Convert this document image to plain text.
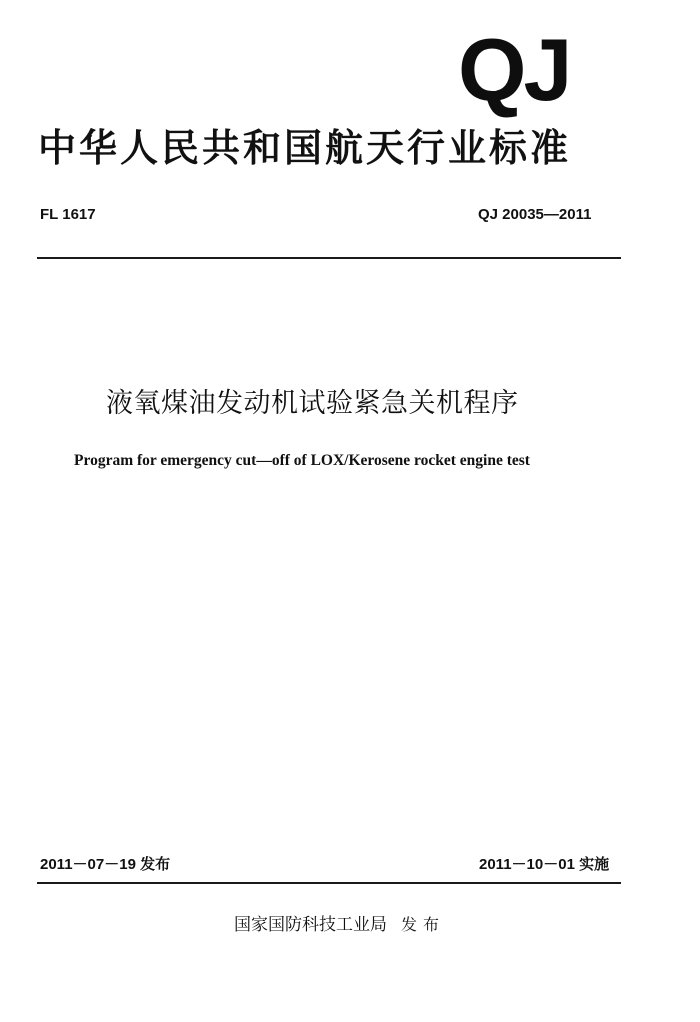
QJ
中华人民共和国航天行业标准
FL 1617	QJ 20035—2011
液氧煤油发动机试验紧急关机程序
Program for emergency cut—off of LOX/Kerosene rocket engine test
2011－07－19 发布	2011－10－01 实施
国家国防科技工业局 发布
